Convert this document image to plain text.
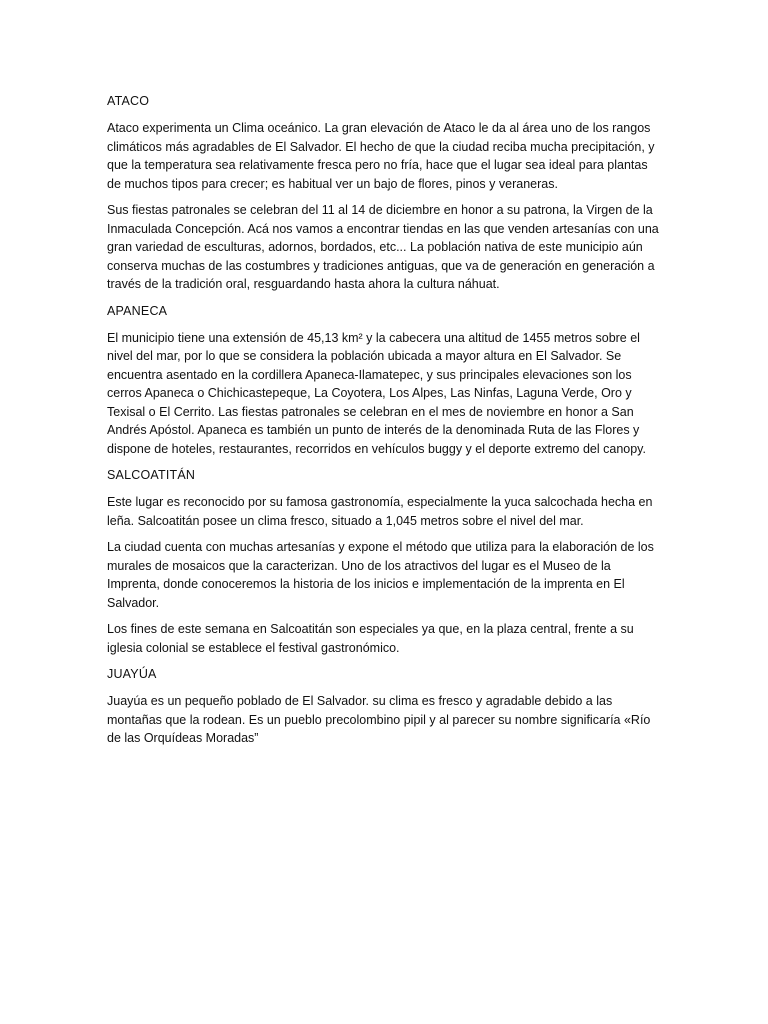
ATACO

Ataco experimenta un Clima oceánico. La gran elevación de Ataco le da al área uno de los rangos climáticos más agradables de El Salvador. El hecho de que la ciudad reciba mucha precipitación, y que la temperatura sea relativamente fresca pero no fría, hace que el lugar sea ideal para plantas de muchos tipos para crecer; es habitual ver un bajo de flores, pinos y veraneras.

Sus fiestas patronales se celebran del 11 al 14 de diciembre en honor a su patrona, la Virgen de la Inmaculada Concepción. Acá nos vamos a encontrar tiendas en las que venden artesanías con una gran variedad de esculturas, adornos, bordados, etc... La población nativa de este municipio aún conserva muchas de las costumbres y tradiciones antiguas, que va de generación en generación a través de la tradición oral, resguardando hasta ahora la cultura náhuat.

APANECA

El municipio tiene una extensión de 45,13 km² y la cabecera una altitud de 1455 metros sobre el nivel del mar, por lo que se considera la población ubicada a mayor altura en El Salvador. Se encuentra asentado en la cordillera Apaneca-Ilamatepec, y sus principales elevaciones son los cerros Apaneca o Chichicastepeque, La Coyotera, Los Alpes, Las Ninfas, Laguna Verde, Oro y Texisal o El Cerrito. Las fiestas patronales se celebran en el mes de noviembre en honor a San Andrés Apóstol. Apaneca es también un punto de interés de la denominada Ruta de las Flores y dispone de hoteles, restaurantes, recorridos en vehículos buggy y el deporte extremo del canopy.

SALCOATITÁN

Este lugar es reconocido por su famosa gastronomía, especialmente la yuca salcochada hecha en leña. Salcoatitán posee un clima fresco, situado a 1,045 metros sobre el nivel del mar.

La ciudad cuenta con muchas artesanías y expone el método que utiliza para la elaboración de los murales de mosaicos que la caracterizan. Uno de los atractivos del lugar es el Museo de la Imprenta, donde conoceremos la historia de los inicios e implementación de la imprenta en El Salvador.

Los fines de este semana en Salcoatitán son especiales ya que, en la plaza central, frente a su iglesia colonial se establece el festival gastronómico.

JUAYÚA

Juayúa es un pequeño poblado de El Salvador. su clima es fresco y agradable debido a las montañas que la rodean. Es un pueblo precolombino pipil y al parecer su nombre significaría «Río de las Orquídeas Moradas”
